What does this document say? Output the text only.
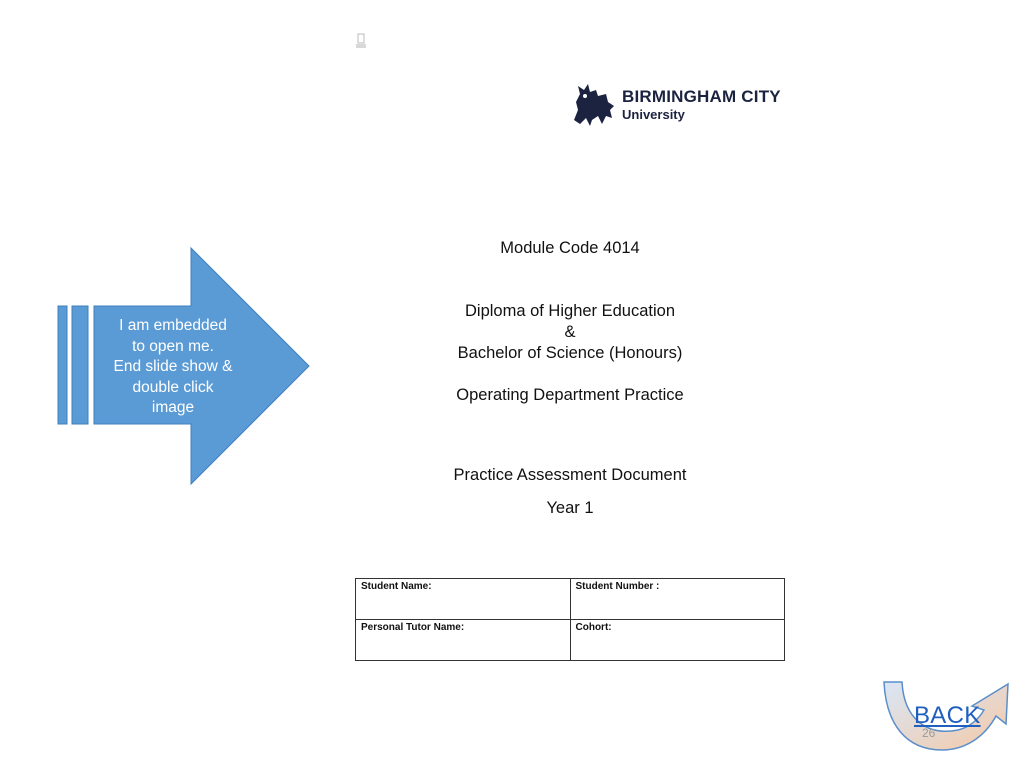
BIRMINGHAM CITY
University
Module Code 4014
Diploma of Higher Education
&
Bachelor of Science (Honours)
Operating Department Practice
Practice Assessment Document
Year 1
I am embedded
to open me.
End slide show &
double click
image
Student Name:	Student Number :
Personal Tutor Name:	Cohort:
BACK
26
